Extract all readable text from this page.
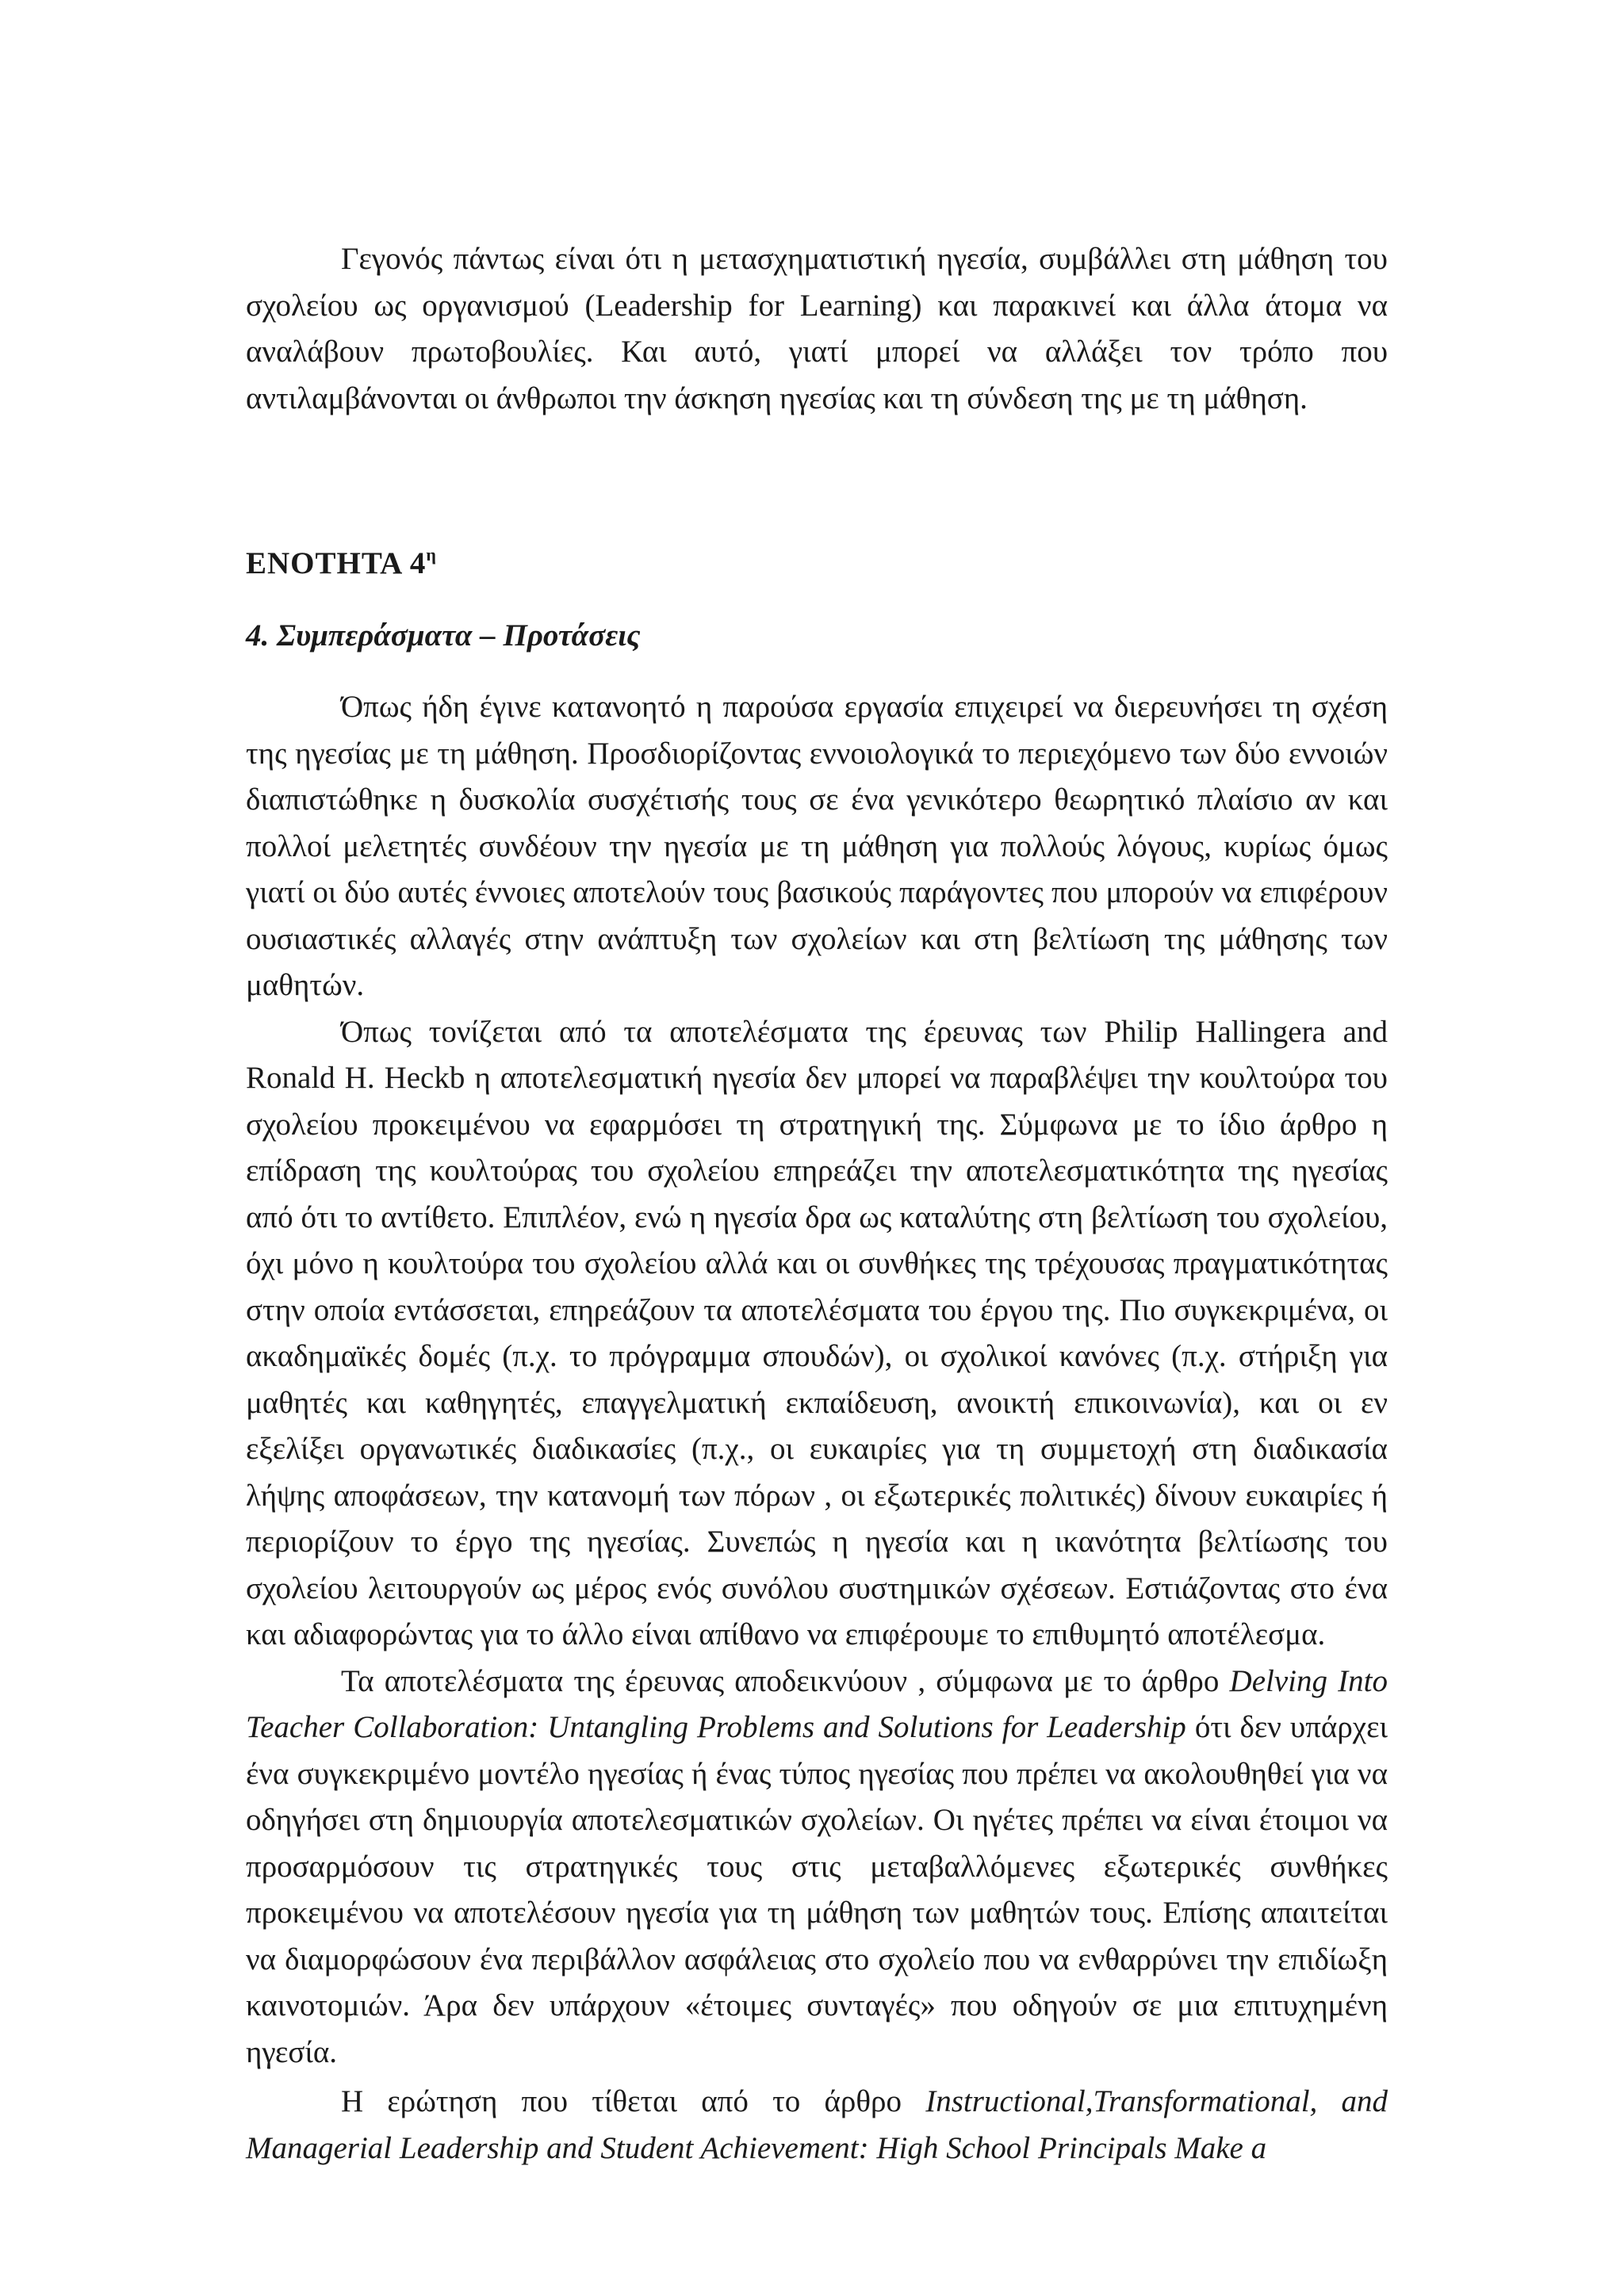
Γεγονός πάντως είναι ότι η μετασχηματιστική ηγεσία, συμβάλλει στη μάθηση του σχολείου ως οργανισμού (Leadership for Learning) και παρακινεί και άλλα άτομα να αναλάβουν πρωτοβουλίες. Και αυτό, γιατί μπορεί να αλλάξει τον τρόπο που αντιλαμβάνονται οι άνθρωποι την άσκηση ηγεσίας και τη σύνδεση της με τη μάθηση.

ΕΝΟΤΗΤΑ $4^\eta$
4. Συμπεράσματα – Προτάσεις

Όπως ήδη έγινε κατανοητό η παρούσα εργασία επιχειρεί να διερευνήσει τη σχέση της ηγεσίας με τη μάθηση. Προσδιορίζοντας εννοιολογικά το περιεχόμενο των δύο εννοιών διαπιστώθηκε η δυσκολία συσχέτισής τους σε ένα γενικότερο θεωρητικό πλαίσιο αν και πολλοί μελετητές συνδέουν την ηγεσία με τη μάθηση για πολλούς λόγους, κυρίως όμως γιατί οι δύο αυτές έννοιες αποτελούν τους βασικούς παράγοντες που μπορούν να επιφέρουν ουσιαστικές αλλαγές στην ανάπτυξη των σχολείων και στη βελτίωση της μάθησης των μαθητών.

Όπως τονίζεται από τα αποτελέσματα της έρευνας των Philip Hallingera and Ronald H. Heckb η αποτελεσματική ηγεσία δεν μπορεί να παραβλέψει την κουλτούρα του σχολείου προκειμένου να εφαρμόσει τη στρατηγική της. Σύμφωνα με το ίδιο άρθρο η επίδραση της κουλτούρας του σχολείου επηρεάζει την αποτελεσματικότητα της ηγεσίας από ότι το αντίθετο. Επιπλέον, ενώ η ηγεσία δρα ως καταλύτης στη βελτίωση του σχολείου, όχι μόνο η κουλτούρα του σχολείου αλλά και οι συνθήκες της τρέχουσας πραγματικότητας στην οποία εντάσσεται, επηρεάζουν τα αποτελέσματα του έργου της. Πιο συγκεκριμένα, οι ακαδημαϊκές δομές (π.χ. το πρόγραμμα σπουδών), οι σχολικοί κανόνες (π.χ. στήριξη για μαθητές και καθηγητές, επαγγελματική εκπαίδευση, ανοικτή επικοινωνία), και οι εν εξελίξει οργανωτικές διαδικασίες (π.χ., οι ευκαιρίες για τη συμμετοχή στη διαδικασία λήψης αποφάσεων, την κατανομή των πόρων , οι εξωτερικές πολιτικές) δίνουν ευκαιρίες ή περιορίζουν το έργο της ηγεσίας. Συνεπώς η ηγεσία και η ικανότητα βελτίωσης του σχολείου λειτουργούν ως μέρος ενός συνόλου συστημικών σχέσεων. Εστιάζοντας στο ένα και αδιαφορώντας για το άλλο είναι απίθανο να επιφέρουμε το επιθυμητό αποτέλεσμα.

Τα αποτελέσματα της έρευνας αποδεικνύουν , σύμφωνα με το άρθρο Delving Into Teacher Collaboration: Untangling Problems and Solutions for Leadership ότι δεν υπάρχει ένα συγκεκριμένο μοντέλο ηγεσίας ή ένας τύπος ηγεσίας που πρέπει να ακολουθηθεί για να οδηγήσει στη δημιουργία αποτελεσματικών σχολείων. Οι ηγέτες πρέπει να είναι έτοιμοι να προσαρμόσουν τις στρατηγικές τους στις μεταβαλλόμενες εξωτερικές συνθήκες προκειμένου να αποτελέσουν ηγεσία για τη μάθηση των μαθητών τους. Επίσης απαιτείται να διαμορφώσουν ένα περιβάλλον ασφάλειας στο σχολείο που να ενθαρρύνει την επιδίωξη καινοτομιών. Άρα δεν υπάρχουν «έτοιμες συνταγές» που οδηγούν σε μια επιτυχημένη ηγεσία.

Η ερώτηση που τίθεται από το άρθρο Instructional,Transformational, and Managerial Leadership and Student Achievement: High School Principals Make a
